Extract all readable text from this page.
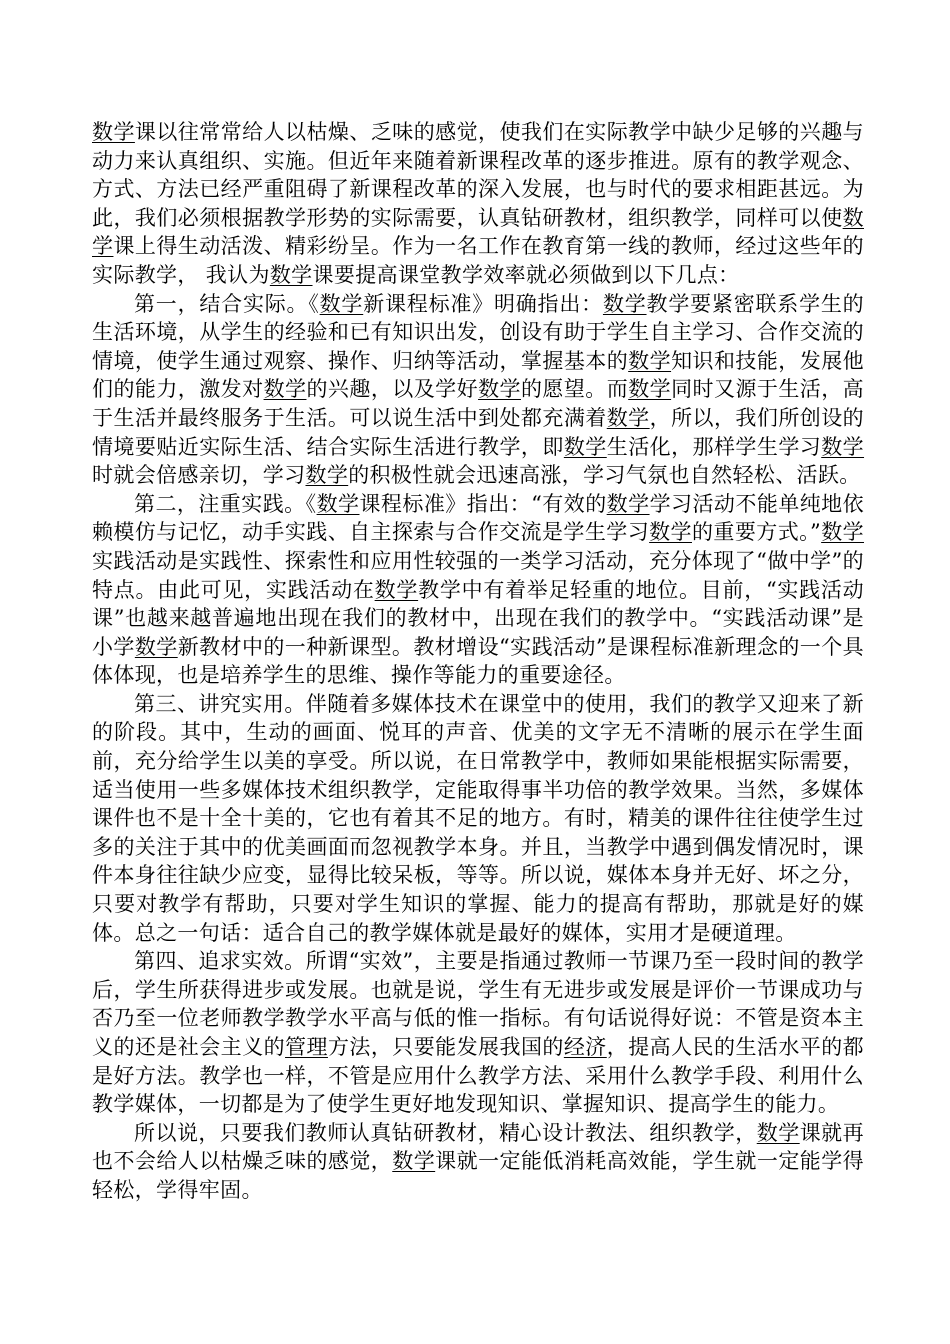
数学课以往常常给人以枯燥、乏味的感觉，使我们在实际教学中缺少足够的兴趣与动力来认真组织、实施。但近年来随着新课程改革的逐步推进。原有的教学观念、方式、方法已经严重阻碍了新课程改革的深入发展，也与时代的要求相距甚远。为此，我们必须根据教学形势的实际需要，认真钻研教材，组织教学，同样可以使数学课上得生动活泼、精彩纷呈。作为一名工作在教育第一线的教师，经过这些年的实际教学， 我认为数学课要提高课堂教学效率就必须做到以下几点：

第一，结合实际。《数学新课程标准》明确指出：数学教学要紧密联系学生的生活环境，从学生的经验和已有知识出发，创设有助于学生自主学习、合作交流的情境，使学生通过观察、操作、归纳等活动，掌握基本的数学知识和技能，发展他们的能力，激发对数学的兴趣，以及学好数学的愿望。而数学同时又源于生活，高于生活并最终服务于生活。可以说生活中到处都充满着数学，所以，我们所创设的情境要贴近实际生活、结合实际生活进行教学，即数学生活化，那样学生学习数学时就会倍感亲切，学习数学的积极性就会迅速高涨，学习气氛也自然轻松、活跃。

第二，注重实践。《数学课程标准》指出：“有效的数学学习活动不能单纯地依赖模仿与记忆，动手实践、自主探索与合作交流是学生学习数学的重要方式。”数学实践活动是实践性、探索性和应用性较强的一类学习活动，充分体现了“做中学”的特点。由此可见，实践活动在数学教学中有着举足轻重的地位。目前，“实践活动课”也越来越普遍地出现在我们的教材中，出现在我们的教学中。“实践活动课”是小学数学新教材中的一种新课型。教材增设“实践活动”是课程标准新理念的一个具体体现，也是培养学生的思维、操作等能力的重要途径。

第三、讲究实用。伴随着多媒体技术在课堂中的使用，我们的教学又迎来了新的阶段。其中，生动的画面、悦耳的声音、优美的文字无不清晰的展示在学生面前，充分给学生以美的享受。所以说，在日常教学中，教师如果能根据实际需要，适当使用一些多媒体技术组织教学，定能取得事半功倍的教学效果。当然，多媒体课件也不是十全十美的，它也有着其不足的地方。有时，精美的课件往往使学生过多的关注于其中的优美画面而忽视教学本身。并且，当教学中遇到偶发情况时，课件本身往往缺少应变，显得比较呆板，等等。所以说，媒体本身并无好、坏之分，只要对教学有帮助，只要对学生知识的掌握、能力的提高有帮助，那就是好的媒体。总之一句话：适合自己的教学媒体就是最好的媒体，实用才是硬道理。

第四、追求实效。所谓“实效”，主要是指通过教师一节课乃至一段时间的教学后，学生所获得进步或发展。也就是说，学生有无进步或发展是评价一节课成功与否乃至一位老师教学教学水平高与低的惟一指标。有句话说得好说：不管是资本主义的还是社会主义的管理方法，只要能发展我国的经济，提高人民的生活水平的都是好方法。教学也一样，不管是应用什么教学方法、采用什么教学手段、利用什么教学媒体，一切都是为了使学生更好地发现知识、掌握知识、提高学生的能力。

所以说，只要我们教师认真钻研教材，精心设计教法、组织教学，数学课就再也不会给人以枯燥乏味的感觉，数学课就一定能低消耗高效能，学生就一定能学得轻松，学得牢固。
